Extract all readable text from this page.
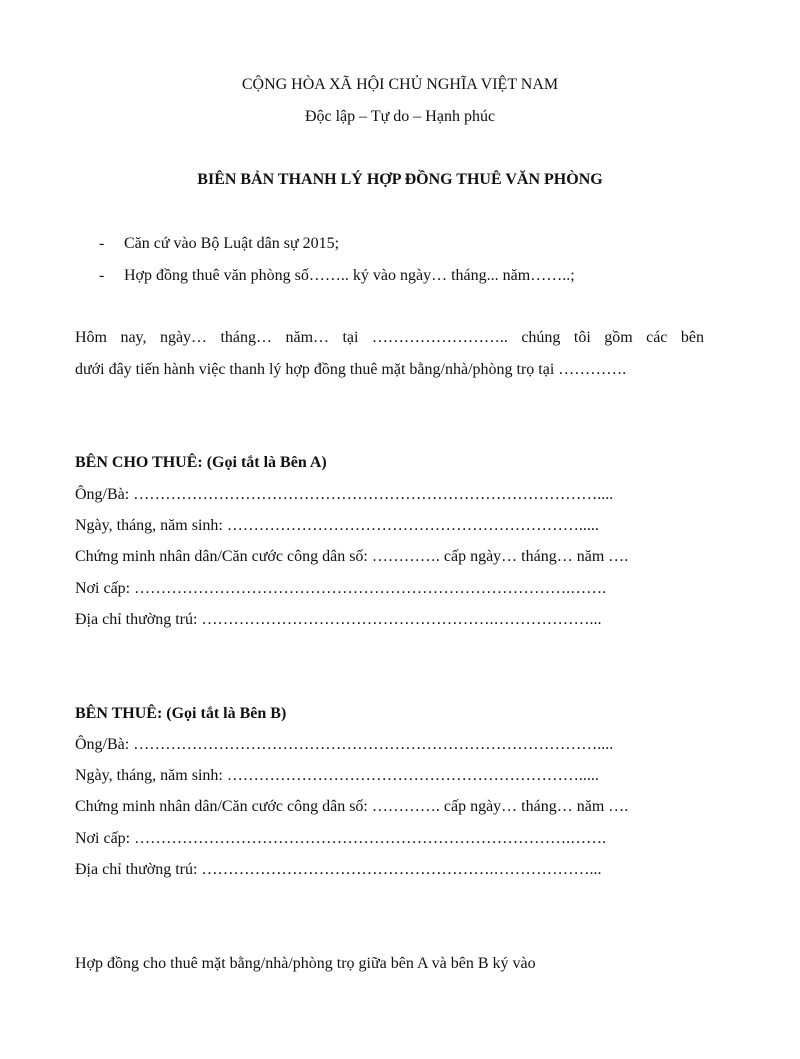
CỘNG HÒA XÃ HỘI CHỦ NGHĨA VIỆT NAM
Độc lập – Tự do – Hạnh phúc
BIÊN BẢN THANH LÝ HỢP ĐỒNG THUÊ VĂN PHÒNG
-	Căn cứ vào Bộ Luật dân sự 2015;
-	Hợp đồng thuê văn phòng số…….. ký vào ngày… tháng... năm……..;
Hôm nay, ngày… tháng… năm… tại …………………….. chúng tôi gồm các bên
dưới đây tiến hành việc thanh lý hợp đồng thuê mặt bằng/nhà/phòng trọ tại ………….
BÊN CHO THUÊ: (Gọi tắt là Bên A)
Ông/Bà: ……………………………………………………………………………....
Ngày, tháng, năm sinh: ………………………………………………………….....
Chứng minh nhân dân/Căn cước công dân số: …………. cấp ngày… tháng… năm ….
Nơi cấp: ……………………………………………………………………….…….
Địa chỉ thường trú: ……………………………………………….………………...
BÊN THUÊ: (Gọi tắt là Bên B)
Ông/Bà: ……………………………………………………………………………....
Ngày, tháng, năm sinh: ………………………………………………………….....
Chứng minh nhân dân/Căn cước công dân số: …………. cấp ngày… tháng… năm ….
Nơi cấp: ……………………………………………………………………….…….
Địa chỉ thường trú: ……………………………………………….………………...
Hợp đồng cho thuê mặt bằng/nhà/phòng trọ giữa bên A và bên B ký vào
